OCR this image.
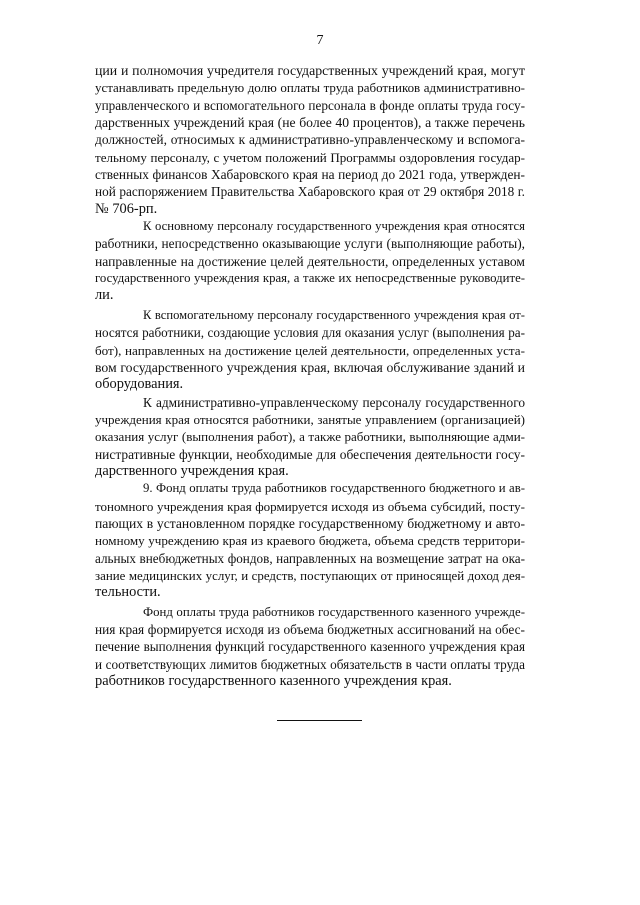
7
ции и полномочия учредителя государственных учреждений края, могут
устанавливать предельную долю оплаты труда работников административно-
управленческого и вспомогательного персонала в фонде оплаты труда госу-
дарственных учреждений края (не более 40 процентов), а также перечень
должностей, относимых к административно-управленческому и вспомога-
тельному персоналу, с учетом положений Программы оздоровления государ-
ственных финансов Хабаровского края на период до 2021 года, утвержден-
ной распоряжением Правительства Хабаровского края от 29 октября 2018 г.
№ 706-рп.
К основному персоналу государственного учреждения края относятся
работники, непосредственно оказывающие услуги (выполняющие работы),
направленные на достижение целей деятельности, определенных уставом
государственного учреждения края, а также их непосредственные руководите-
ли.
К вспомогательному персоналу государственного учреждения края от-
носятся работники, создающие условия для оказания услуг (выполнения ра-
бот), направленных на достижение целей деятельности, определенных уста-
вом государственного учреждения края, включая обслуживание зданий и
оборудования.
К административно-управленческому персоналу государственного
учреждения края относятся работники, занятые управлением (организацией)
оказания услуг (выполнения работ), а также работники, выполняющие адми-
нистративные функции, необходимые для обеспечения деятельности госу-
дарственного учреждения края.
9. Фонд оплаты труда работников государственного бюджетного и ав-
тономного учреждения края формируется исходя из объема субсидий, посту-
пающих в установленном порядке государственному бюджетному и авто-
номному учреждению края из краевого бюджета, объема средств территори-
альных внебюджетных фондов, направленных на возмещение затрат на ока-
зание медицинских услуг, и средств, поступающих от приносящей доход дея-
тельности.
Фонд оплаты труда работников государственного казенного учрежде-
ния края формируется исходя из объема бюджетных ассигнований на обес-
печение выполнения функций государственного казенного учреждения края
и соответствующих лимитов бюджетных обязательств в части оплаты труда
работников государственного казенного учреждения края.
